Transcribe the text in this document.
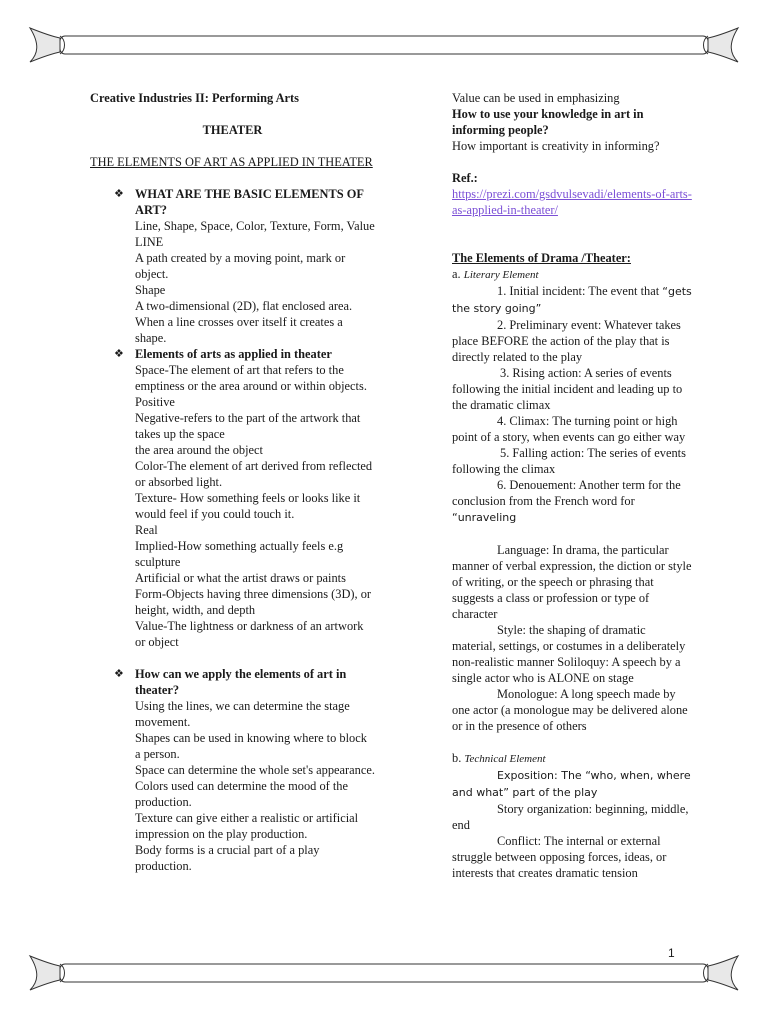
Creative Industries II: Performing Arts
THEATER
THE ELEMENTS OF ART AS APPLIED IN THEATER
❖ WHAT ARE THE BASIC ELEMENTS OF ART?
Line, Shape, Space, Color, Texture, Form, Value
LINE
A path created by a moving point, mark or object.
Shape
A two-dimensional (2D), flat enclosed area. When a line crosses over itself it creates a shape.
❖ Elements of arts as applied in theater
Space-The element of art that refers to the emptiness or the area around or within objects.
Positive
Negative-refers to the part of the artwork that takes up the space
the area around the object
Color-The element of art derived from reflected or absorbed light.
Texture- How something feels or looks like it would feel if you could touch it.
Real
Implied-How something actually feels e.g sculpture
Artificial or what the artist draws or paints
Form-Objects having three dimensions (3D), or height, width, and depth
Value-The lightness or darkness of an artwork or object
❖ How can we apply the elements of art in theater?
Using the lines, we can determine the stage movement.
Shapes can be used in knowing where to block a person.
Space can determine the whole set's appearance.
Colors used can determine the mood of the production.
Texture can give either a realistic or artificial impression on the play production.
Body forms is a crucial part of a play production.
Value can be used in emphasizing
How to use your knowledge in art in informing people?
How important is creativity in informing?
Ref.:
https://prezi.com/gsdvulsevadi/elements-of-arts-as-applied-in-theater/
The Elements of Drama /Theater:
a. Literary Element
1. Initial incident: The event that “gets the story going”
2. Preliminary event: Whatever takes place BEFORE the action of the play that is directly related to the play
3. Rising action: A series of events following the initial incident and leading up to the dramatic climax
4. Climax: The turning point or high point of a story, when events can go either way
5. Falling action: The series of events following the climax
6. Denouement: Another term for the conclusion from the French word for “unraveling
Language: In drama, the particular manner of verbal expression, the diction or style of writing, or the speech or phrasing that suggests a class or profession or type of character
Style: the shaping of dramatic material, settings, or costumes in a deliberately non-realistic manner Soliloquy: A speech by a single actor who is ALONE on stage
Monologue: A long speech made by one actor (a monologue may be delivered alone or in the presence of others
b. Technical Element
Exposition: The “who, when, where and what” part of the play
Story organization: beginning, middle, end
Conflict: The internal or external struggle between opposing forces, ideas, or interests that creates dramatic tension
1
